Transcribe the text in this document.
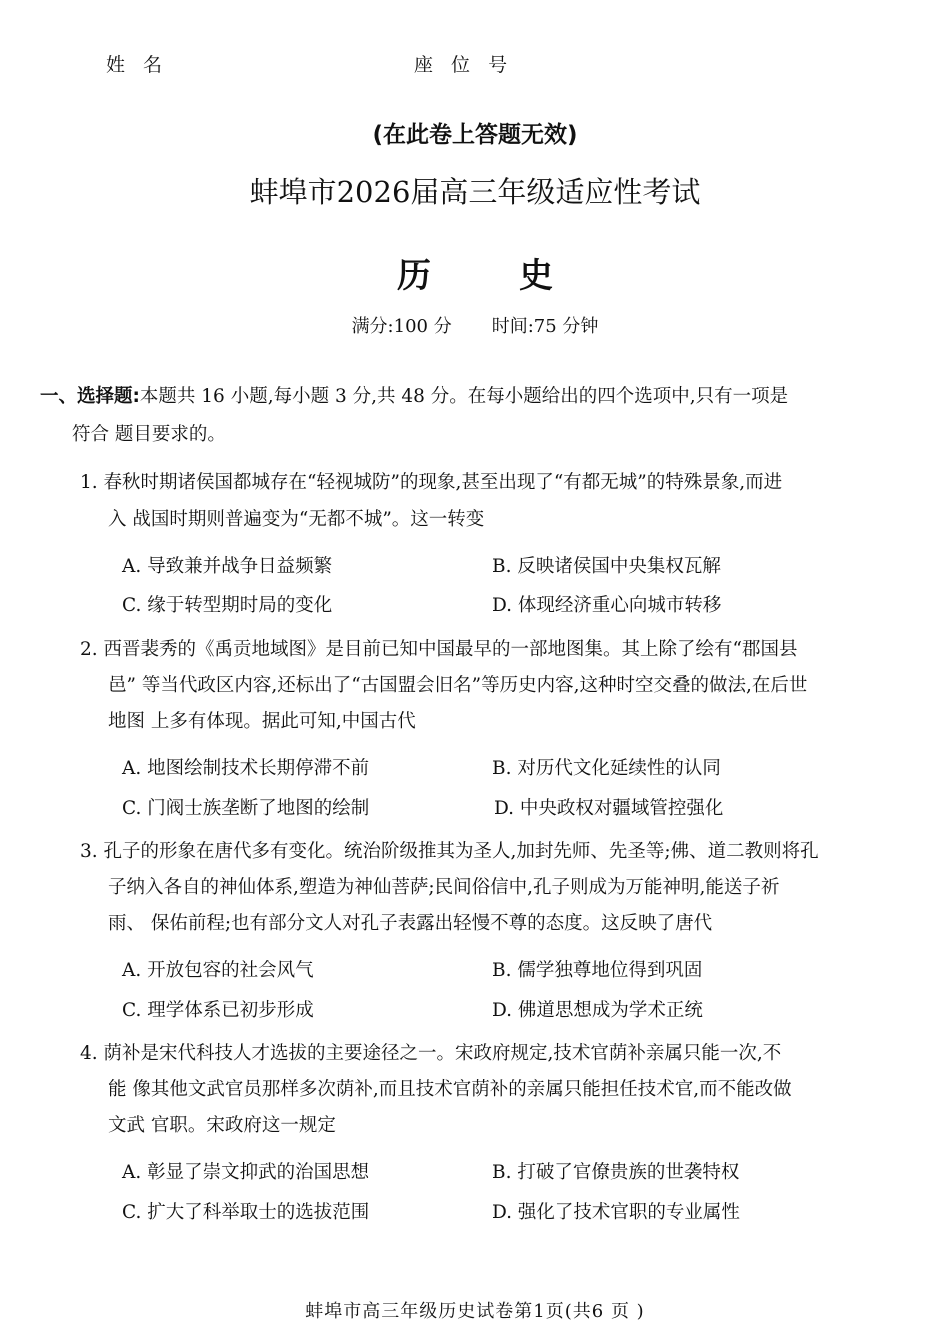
姓 名	座 位 号
(在此卷上答题无效)
蚌埠市2026届高三年级适应性考试
历	史
满分:100 分 时间:75 分钟
一、选择题:本题共 16 小题,每小题 3 分,共 48 分。在每小题给出的四个选项中,只有一项是
符合 题目要求的。
1. 春秋时期诸侯国都城存在“轻视城防”的现象,甚至出现了“有都无城”的特殊景象,而进
入 战国时期则普遍变为“无都不城”。这一转变
A. 导致兼并战争日益频繁	B. 反映诸侯国中央集权瓦解
C. 缘于转型期时局的变化	D. 体现经济重心向城市转移
2. 西晋裴秀的《禹贡地域图》是目前已知中国最早的一部地图集。其上除了绘有“郡国县
邑” 等当代政区内容,还标出了“古国盟会旧名”等历史内容,这种时空交叠的做法,在后世
地图 上多有体现。据此可知,中国古代
A. 地图绘制技术长期停滞不前	B. 对历代文化延续性的认同
C. 门阀士族垄断了地图的绘制	D. 中央政权对疆域管控强化
3. 孔子的形象在唐代多有变化。统治阶级推其为圣人,加封先师、先圣等;佛、道二教则将孔
子纳入各自的神仙体系,塑造为神仙菩萨;民间俗信中,孔子则成为万能神明,能送子祈
雨、 保佑前程;也有部分文人对孔子表露出轻慢不尊的态度。这反映了唐代
A. 开放包容的社会风气	B. 儒学独尊地位得到巩固
C. 理学体系已初步形成	D. 佛道思想成为学术正统
4. 荫补是宋代科技人才选拔的主要途径之一。宋政府规定,技术官荫补亲属只能一次,不
能 像其他文武官员那样多次荫补,而且技术官荫补的亲属只能担任技术官,而不能改做
文武 官职。宋政府这一规定
A. 彰显了崇文抑武的治国思想	B. 打破了官僚贵族的世袭特权
C. 扩大了科举取士的选拔范围	D. 强化了技术官职的专业属性
蚌埠市高三年级历史试卷第1页(共6 页 )
